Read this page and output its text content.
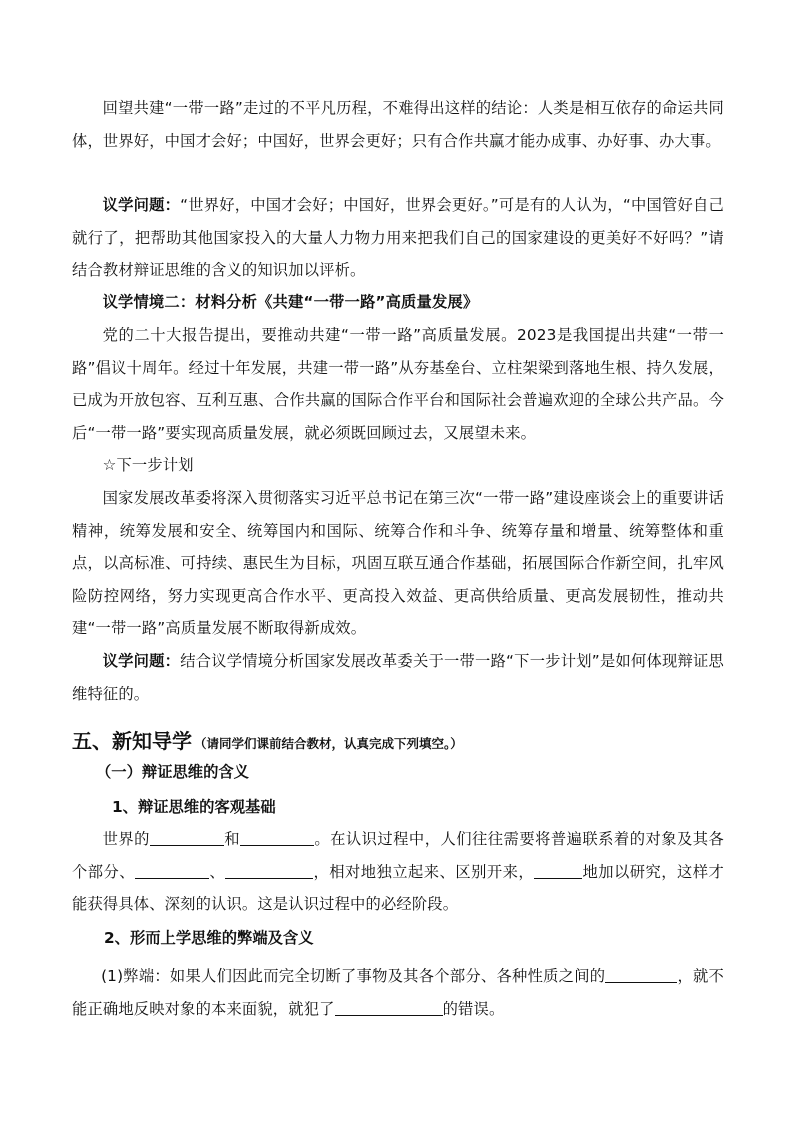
回望共建“一带一路”走过的不平凡历程，不难得出这样的结论：人类是相互依存的命运共同体，世界好，中国才会好；中国好，世界会更好；只有合作共赢才能办成事、办好事、办大事。

议学问题：“世界好，中国才会好；中国好，世界会更好。”可是有的人认为，“中国管好自己就行了，把帮助其他国家投入的大量人力物力用来把我们自己的国家建设的更美好不好吗？”请结合教材辩证思维的含义的知识加以评析。

议学情境二：材料分析《共建“一带一路”高质量发展》

党的二十大报告提出，要推动共建“一带一路”高质量发展。2023是我国提出共建“一带一路”倡议十周年。经过十年发展，共建一带一路”从夯基垒台、立柱架梁到落地生根、持久发展，已成为开放包容、互利互惠、合作共赢的国际合作平台和国际社会普遍欢迎的全球公共产品。今后“一带一路”要实现高质量发展，就必须既回顾过去，又展望未来。

☆下一步计划

国家发展改革委将深入贯彻落实习近平总书记在第三次“一带一路”建设座谈会上的重要讲话精神，统筹发展和安全、统筹国内和国际、统筹合作和斗争、统筹存量和增量、统筹整体和重点，以高标准、可持续、惠民生为目标，巩固互联互通合作基础，拓展国际合作新空间，扎牢风险防控网络，努力实现更高合作水平、更高投入效益、更高供给质量、更高发展韧性，推动共建“一带一路”高质量发展不断取得新成效。

议学问题：结合议学情境分析国家发展改革委关于一带一路“下一步计划”是如何体现辩证思维特征的。

五、新知导学 （请同学们课前结合教材，认真完成下列填空。）

（一）辩证思维的含义

1、辩证思维的客观基础

世界的	和	。在认识过程中，人们往往需要将普遍联系着的对象及其各个部分、	、	，相对地独立起来、区别开来，	地加以研究，这样才能获得具体、深刻的认识。这是认识过程中的必经阶段。

2、形而上学思维的弊端及含义

(1)弊端：如果人们因此而完全切断了事物及其各个部分、各种性质之间的	，就不能正确地反映对象的本来面貌，就犯了	的错误。
